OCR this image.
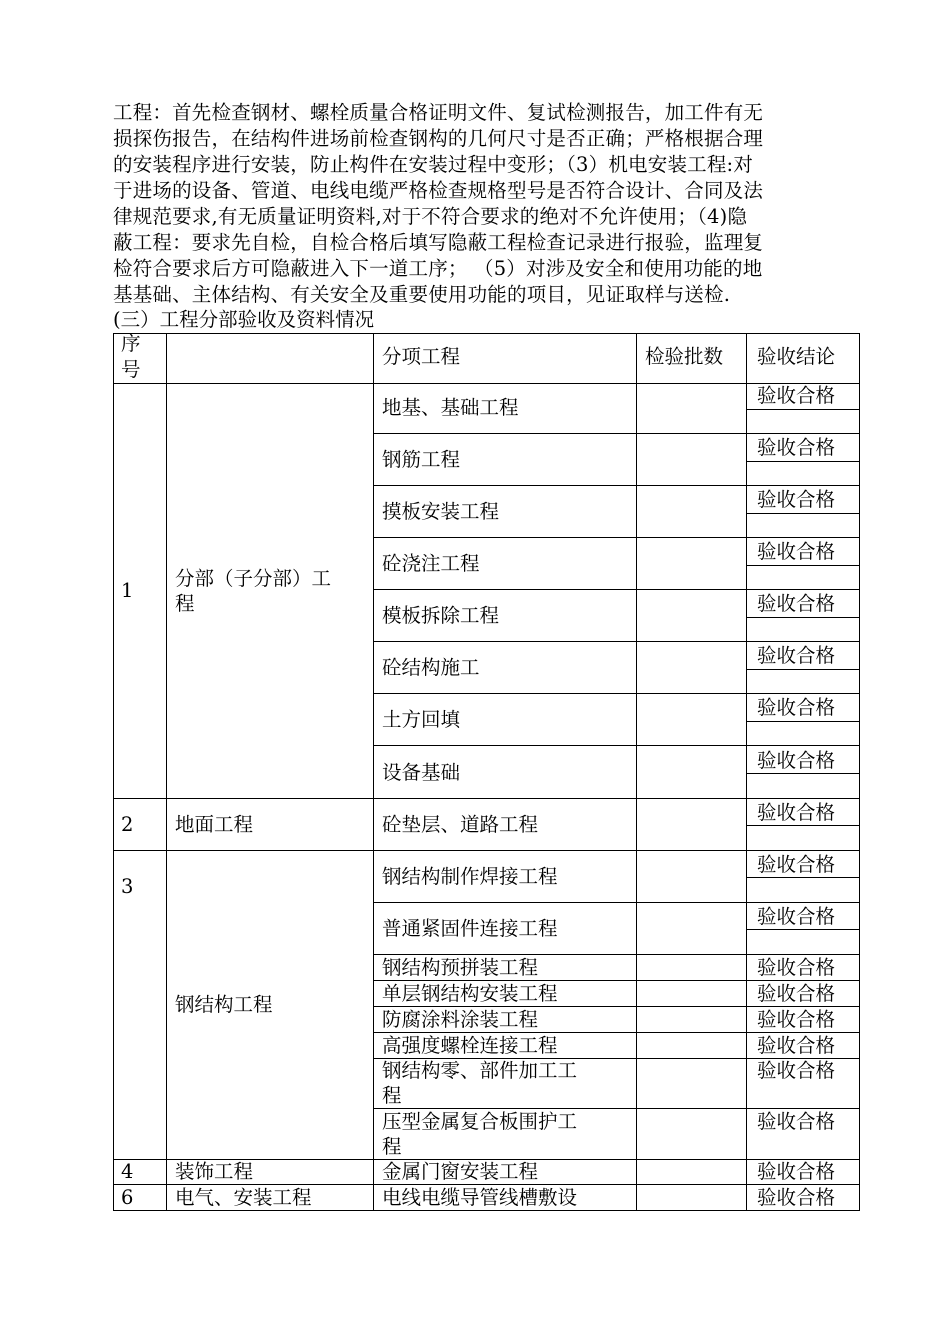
工程：首先检查钢材、螺栓质量合格证明文件、复试检测报告，加工件有无

损探伤报告，在结构件进场前检查钢构的几何尺寸是否正确；严格根据合理

的安装程序进行安装，防止构件在安装过程中变形；（3）机电安装工程:对

于进场的设备、管道、电线电缆严格检查规格型号是否符合设计、合同及法

律规范要求,有无质量证明资料,对于不符合要求的绝对不允许使用；（4)隐

蔽工程：要求先自检，自检合格后填写隐蔽工程检查记录进行报验，监理复

检符合要求后方可隐蔽进入下一道工序； （5）对涉及安全和使用功能的地

基基础、主体结构、有关安全及重要使用功能的项目，见证取样与送检.

(三）工程分部验收及资料情况
序
号
分项工程	检验批数 验收结论
1
分部（子分部）工
程
2 地面工程
3
钢结构工程
4 装饰工程
6 电气、安装工程
地基、基础工程
钢筋工程
摸板安装工程
砼浇注工程
模板拆除工程
砼结构施工
土方回填
设备基础
砼垫层、道路工程
钢结构制作焊接工程
普通紧固件连接工程
钢结构预拼装工程
单层钢结构安装工程
防腐涂料涂装工程
高强度螺栓连接工程
钢结构零、部件加工工
程
压型金属复合板围护工
程
金属门窗安装工程
电线电缆导管线槽敷设
验收合格
验收合格
验收合格
验收合格
验收合格
验收合格
验收合格
验收合格
验收合格
验收合格
验收合格
验收合格
验收合格
验收合格
验收合格
验收合格
验收合格
验收合格
验收合格
